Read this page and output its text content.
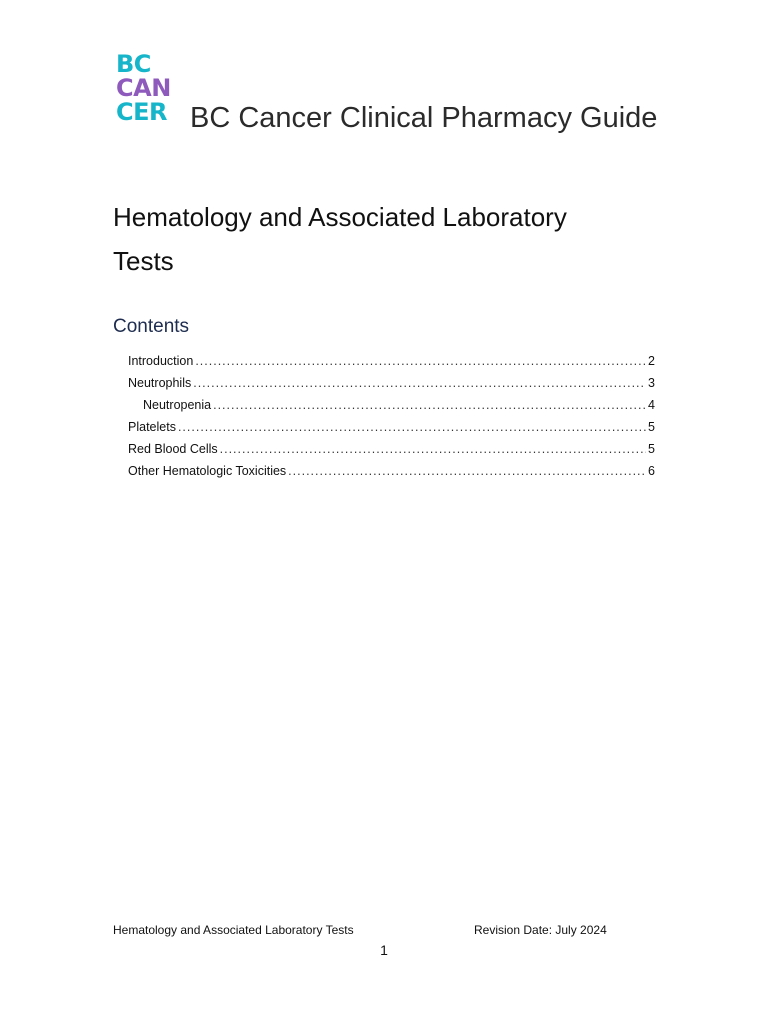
BC
CAN
CER BC Cancer Clinical Pharmacy Guide
Hematology and Associated Laboratory
Tests
Contents
Introduction .....	2
Neutrophils .....	3
Neutropenia .....	4
Platelets .....	5
Red Blood Cells .....	5
Other Hematologic Toxicities .....	6
Hematology and Associated Laboratory Tests	Revision Date: July 2024
1
